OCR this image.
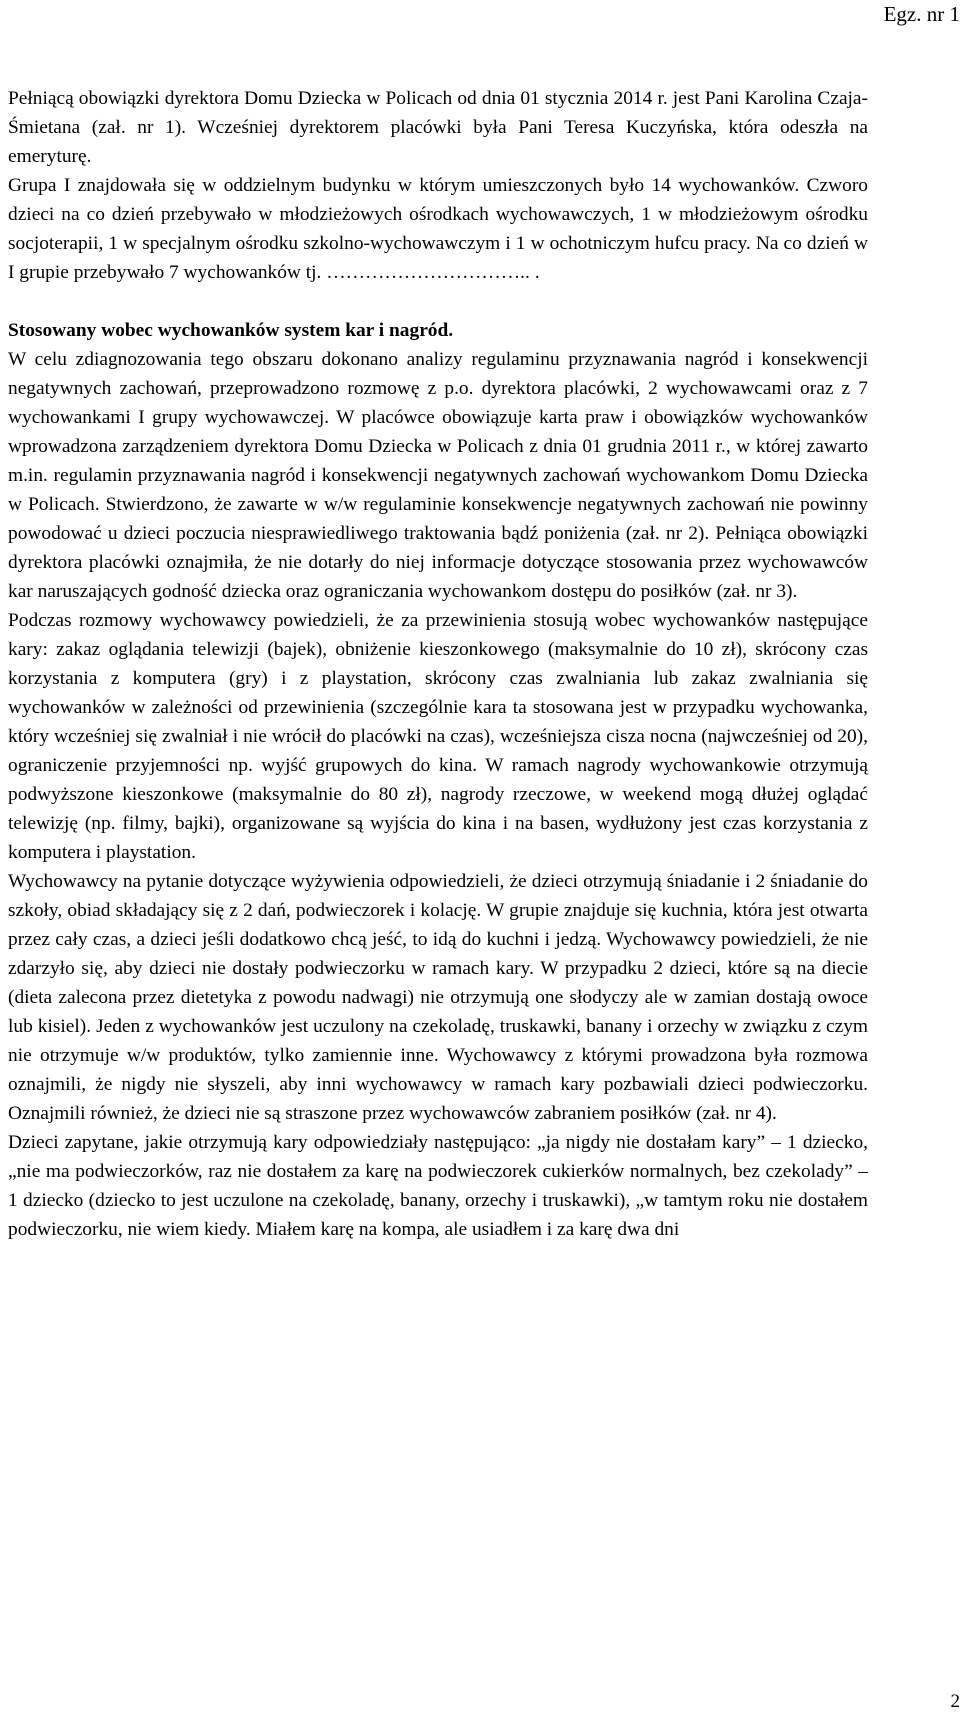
Egz. nr 1

Pełniącą obowiązki dyrektora Domu Dziecka w Policach od dnia 01 stycznia 2014 r. jest Pani Karolina Czaja-Śmietana (zał. nr 1). Wcześniej dyrektorem placówki była Pani Teresa Kuczyńska, która odeszła na emeryturę.

Grupa I znajdowała się w oddzielnym budynku w którym umieszczonych było 14 wychowanków. Czworo dzieci na co dzień przebywało w młodzieżowych ośrodkach wychowawczych, 1 w młodzieżowym ośrodku socjoterapii, 1 w specjalnym ośrodku szkolno-wychowawczym i 1 w ochotniczym hufcu pracy. Na co dzień w I grupie przebywało 7 wychowanków tj. ………………………….. .

Stosowany wobec wychowanków system kar i nagród.

W celu zdiagnozowania tego obszaru dokonano analizy regulaminu przyznawania nagród i konsekwencji negatywnych zachowań, przeprowadzono rozmowę z p.o. dyrektora placówki, 2 wychowawcami oraz z 7 wychowankami I grupy wychowawczej. W placówce obowiązuje karta praw i obowiązków wychowanków wprowadzona zarządzeniem dyrektora Domu Dziecka w Policach z dnia 01 grudnia 2011 r., w której zawarto m.in. regulamin przyznawania nagród i konsekwencji negatywnych zachowań wychowankom Domu Dziecka w Policach. Stwierdzono, że zawarte w w/w regulaminie konsekwencje negatywnych zachowań nie powinny powodować u dzieci poczucia niesprawiedliwego traktowania bądź poniżenia (zał. nr 2). Pełniąca obowiązki dyrektora placówki oznajmiła, że nie dotarły do niej informacje dotyczące stosowania przez wychowawców kar naruszających godność dziecka oraz ograniczania wychowankom dostępu do posiłków (zał. nr 3).

Podczas rozmowy wychowawcy powiedzieli, że za przewinienia stosują wobec wychowanków następujące kary: zakaz oglądania telewizji (bajek), obniżenie kieszonkowego (maksymalnie do 10 zł), skrócony czas korzystania z komputera (gry) i z playstation, skrócony czas zwalniania lub zakaz zwalniania się wychowanków w zależności od przewinienia (szczególnie kara ta stosowana jest w przypadku wychowanka, który wcześniej się zwalniał i nie wrócił do placówki na czas), wcześniejsza cisza nocna (najwcześniej od 20), ograniczenie przyjemności np. wyjść grupowych do kina. W ramach nagrody wychowankowie otrzymują podwyższone kieszonkowe (maksymalnie do 80 zł), nagrody rzeczowe, w weekend mogą dłużej oglądać telewizję (np. filmy, bajki), organizowane są wyjścia do kina i na basen, wydłużony jest czas korzystania z komputera i playstation.

Wychowawcy na pytanie dotyczące wyżywienia odpowiedzieli, że dzieci otrzymują śniadanie i 2 śniadanie do szkoły, obiad składający się z 2 dań, podwieczorek i kolację. W grupie znajduje się kuchnia, która jest otwarta przez cały czas, a dzieci jeśli dodatkowo chcą jeść, to idą do kuchni i jedzą. Wychowawcy powiedzieli, że nie zdarzyło się, aby dzieci nie dostały podwieczorku w ramach kary. W przypadku 2 dzieci, które są na diecie (dieta zalecona przez dietetyka z powodu nadwagi) nie otrzymują one słodyczy ale w zamian dostają owoce lub kisiel). Jeden z wychowanków jest uczulony na czekoladę, truskawki, banany i orzechy w związku z czym nie otrzymuje w/w produktów, tylko zamiennie inne. Wychowawcy z którymi prowadzona była rozmowa oznajmili, że nigdy nie słyszeli, aby inni wychowawcy w ramach kary pozbawiali dzieci podwieczorku. Oznajmili również, że dzieci nie są straszone przez wychowawców zabraniem posiłków (zał. nr 4).

Dzieci zapytane, jakie otrzymują kary odpowiedziały następująco: „ja nigdy nie dostałam kary” – 1 dziecko, „nie ma podwieczorków, raz nie dostałem za karę na podwieczorek cukierków normalnych, bez czekolady” – 1 dziecko (dziecko to jest uczulone na czekoladę, banany, orzechy i truskawki), „w tamtym roku nie dostałem podwieczorku, nie wiem kiedy. Miałem karę na kompa, ale usiadłem i za karę dwa dni

2
